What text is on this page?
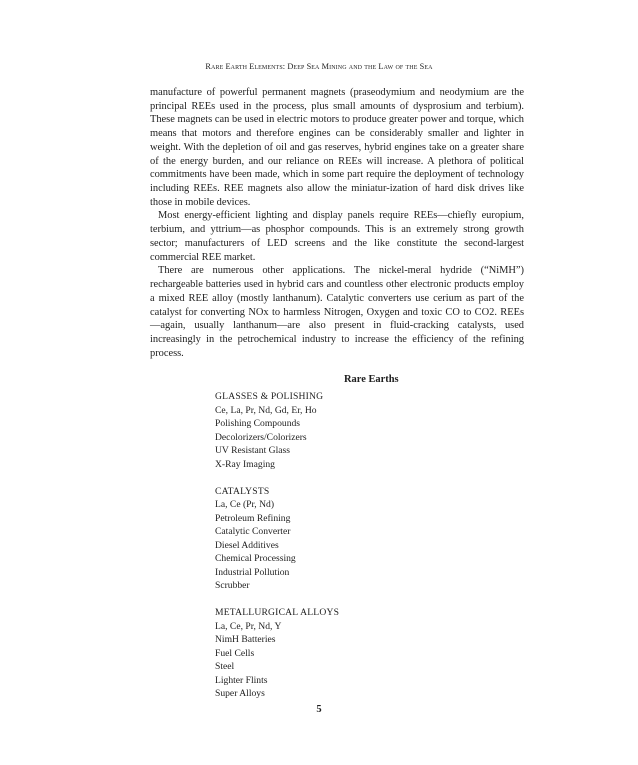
Rare Earth Elements: Deep Sea Mining and the Law of the Sea

manufacture of powerful permanent magnets (praseodymium and neodymium are the principal REEs used in the process, plus small amounts of dysprosium and terbium). These magnets can be used in electric motors to produce greater power and torque, which means that motors and therefore engines can be considerably smaller and lighter in weight. With the depletion of oil and gas reserves, hybrid engines take on a greater share of the energy burden, and our reliance on REEs will increase. A plethora of political commitments have been made, which in some part require the deployment of technology including REEs. REE magnets also allow the miniatur-ization of hard disk drives like those in mobile devices.

Most energy-efficient lighting and display panels require REEs—chiefly europium, terbium, and yttrium—as phosphor compounds. This is an extremely strong growth sector; manufacturers of LED screens and the like constitute the second-largest commercial REE market.

There are numerous other applications. The nickel-meral hydride (“NiMH”) rechargeable batteries used in hybrid cars and countless other electronic products employ a mixed REE alloy (mostly lanthanum). Catalytic converters use cerium as part of the catalyst for converting NOx to harmless Nitrogen, Oxygen and toxic CO to CO2. REEs—again, usually lanthanum—are also present in fluid-cracking catalysts, used increasingly in the petrochemical industry to increase the efficiency of the refining process.

Rare Earths
GLASSES & POLISHING
Ce, La, Pr, Nd, Gd, Er, Ho
Polishing Compounds
Decolorizers/Colorizers
UV Resistant Glass
X-Ray Imaging
CATALYSTS
La, Ce (Pr, Nd)
Petroleum Refining
Catalytic Converter
Diesel Additives
Chemical Processing
Industrial Pollution
Scrubber
METALLURGICAL ALLOYS
La, Ce, Pr, Nd, Y
NimH Batteries
Fuel Cells
Steel
Lighter Flints
Super Alloys
5
